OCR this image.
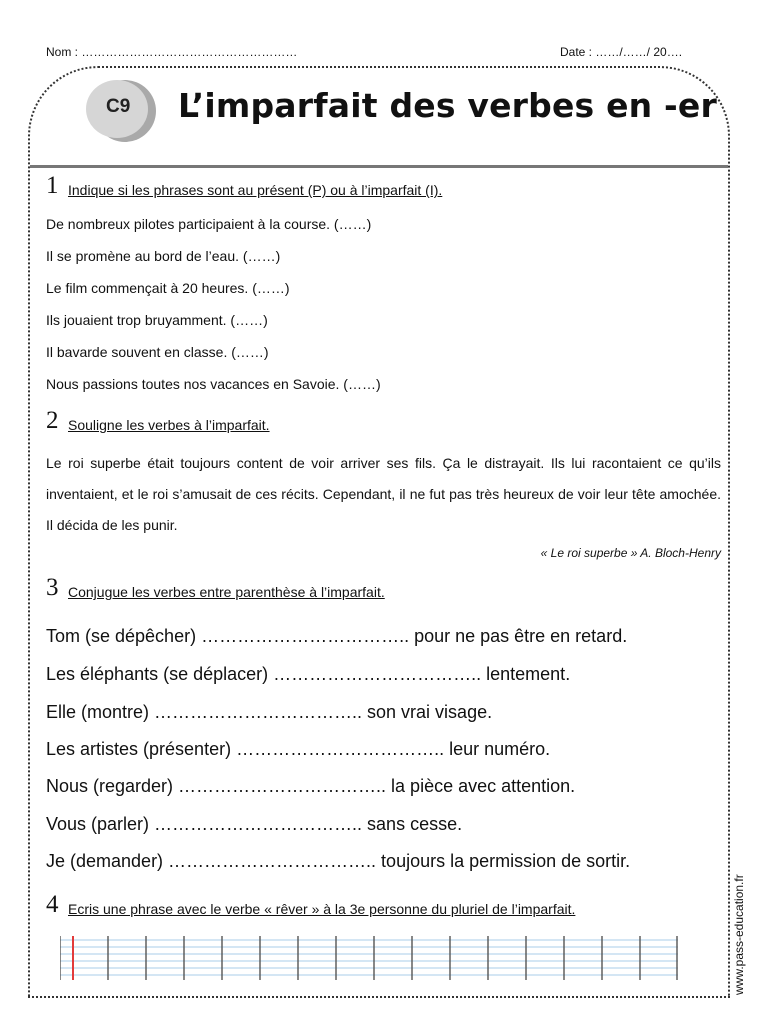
Nom : ………………………………………………	Date : ……/……/ 20….
C9 L’imparfait des verbes en -er
1 Indique si les phrases sont au présent (P) ou à l’imparfait (I).
De nombreux pilotes participaient à la course. (……)
Il se promène au bord de l’eau. (……)
Le film commençait à 20 heures. (……)
Ils jouaient trop bruyamment. (……)
Il bavarde souvent en classe. (……)
Nous passions toutes nos vacances en Savoie. (……)
2 Souligne les verbes à l’imparfait.

Le roi superbe était toujours content de voir arriver ses fils. Ça le distrayait. Ils lui racontaient ce qu’ils inventaient, et le roi s’amusait de ces récits. Cependant, il ne fut pas très heureux de voir leur tête amochée. Il décida de les punir.

« Le roi superbe » A. Bloch-Henry
3 Conjugue les verbes entre parenthèse à l’imparfait.
Tom (se dépêcher) …………………………….. pour ne pas être en retard.
Les éléphants (se déplacer) …………………………….. lentement.
Elle (montre) …………………………….. son vrai visage.
Les artistes (présenter) …………………………….. leur numéro.
Nous (regarder) …………………………….. la pièce avec attention.
Vous (parler) …………………………….. sans cesse.
Je (demander) …………………………….. toujours la permission de sortir.
4 Ecris une phrase avec le verbe « rêver » à la 3e personne du pluriel de l’imparfait.	www.pass-education.fr
